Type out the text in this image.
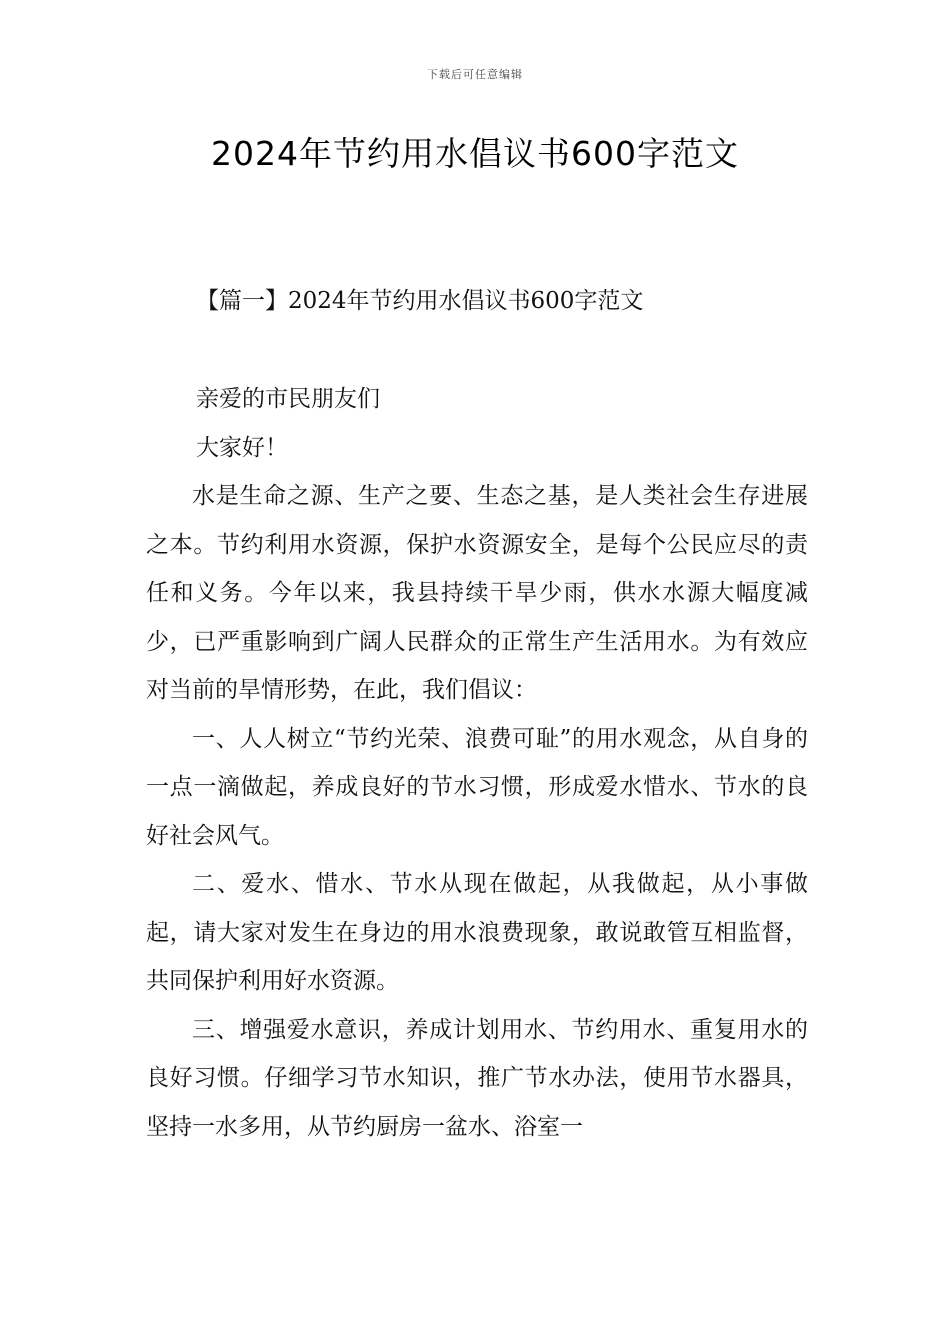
下载后可任意编辑
2024年节约用水倡议书600字范文
【篇一】2024年节约用水倡议书600字范文
亲爱的市民朋友们
大家好！

水是生命之源、生产之要、生态之基，是人类社会生存进展之本。节约利用水资源，保护水资源安全，是每个公民应尽的责任和义务。今年以来，我县持续干旱少雨，供水水源大幅度减少，已严重影响到广阔人民群众的正常生产生活用水。为有效应对当前的旱情形势，在此，我们倡议：

一、人人树立“节约光荣、浪费可耻”的用水观念，从自身的一点一滴做起，养成良好的节水习惯，形成爱水惜水、节水的良好社会风气。

二、爱水、惜水、节水从现在做起，从我做起，从小事做起，请大家对发生在身边的用水浪费现象，敢说敢管互相监督，共同保护利用好水资源。

三、增强爱水意识，养成计划用水、节约用水、重复用水的良好习惯。仔细学习节水知识，推广节水办法，使用节水器具，坚持一水多用，从节约厨房一盆水、浴室一
